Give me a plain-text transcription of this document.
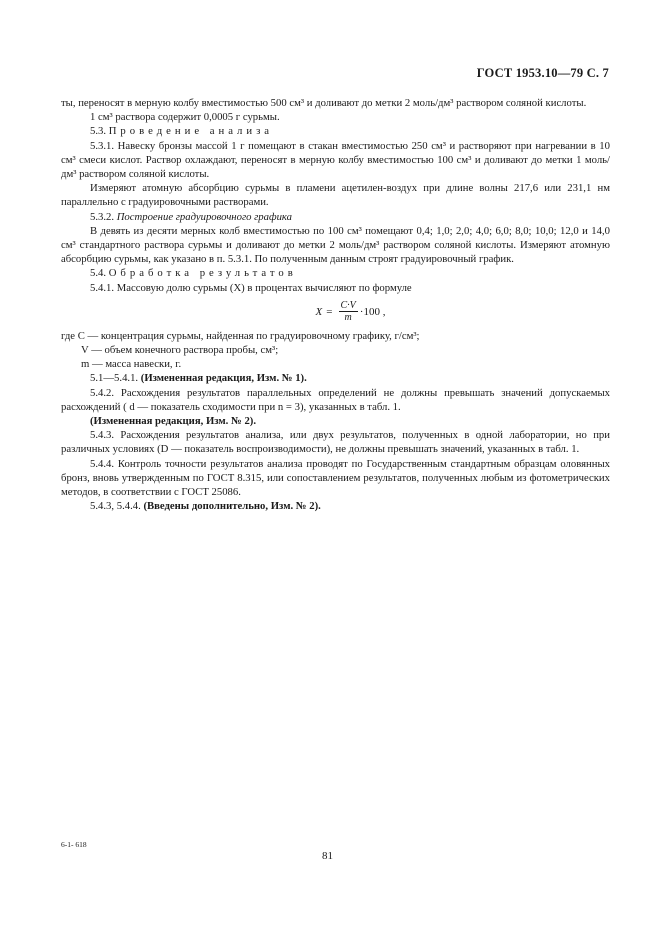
ГОСТ 1953.10—79 С. 7

ты, переносят в мерную колбу вместимостью 500 см³ и доливают до метки 2 моль/дм³ раствором соляной кислоты.

1 см³ раствора содержит 0,0005 г сурьмы.

5.3. Проведение анализа

5.3.1. Навеску бронзы массой 1 г помещают в стакан вместимостью 250 см³ и растворяют при нагревании в 10 см³ смеси кислот. Раствор охлаждают, переносят в мерную колбу вместимостью 100 см³ и доливают до метки 1 моль/дм³ раствором соляной кислоты.

Измеряют атомную абсорбцию сурьмы в пламени ацетилен-воздух при длине волны 217,6 или 231,1 нм параллельно с градуировочными растворами.

5.3.2. Построение градуировочного графика

В девять из десяти мерных колб вместимостью по 100 см³ помещают 0,4; 1,0; 2,0; 4,0; 6,0; 8,0; 10,0; 12,0 и 14,0 см³ стандартного раствора сурьмы и доливают до метки 2 моль/дм³ раствором соляной кислоты. Измеряют атомную абсорбцию сурьмы, как указано в п. 5.3.1. По полученным данным строят градуировочный график.

5.4. Обработка результатов

5.4.1. Массовую долю сурьмы (X) в процентах вычисляют по формуле

$X = \frac{C\cdot V}{m} \cdot 100$ ,

где C — концентрация сурьмы, найденная по градуировочному графику, г/см³;

V — объем конечного раствора пробы, см³;

m — масса навески, г.

5.1—5.4.1. (Измененная редакция, Изм. № 1).

5.4.2. Расхождения результатов параллельных определений не должны превышать значений допускаемых расхождений ( d — показатель сходимости при n = 3), указанных в табл. 1.

(Измененная редакция, Изм. № 2).

5.4.3. Расхождения результатов анализа, или двух результатов, полученных в одной лаборатории, но при различных условиях (D — показатель воспроизводимости), не должны превышать значений, указанных в табл. 1.

5.4.4. Контроль точности результатов анализа проводят по Государственным стандартным образцам оловянных бронз, вновь утвержденным по ГОСТ 8.315, или сопоставлением результатов, полученных любым из фотометрических методов, в соответствии с ГОСТ 25086.

5.4.3, 5.4.4. (Введены дополнительно, Изм. № 2).

6-1- 618
81
